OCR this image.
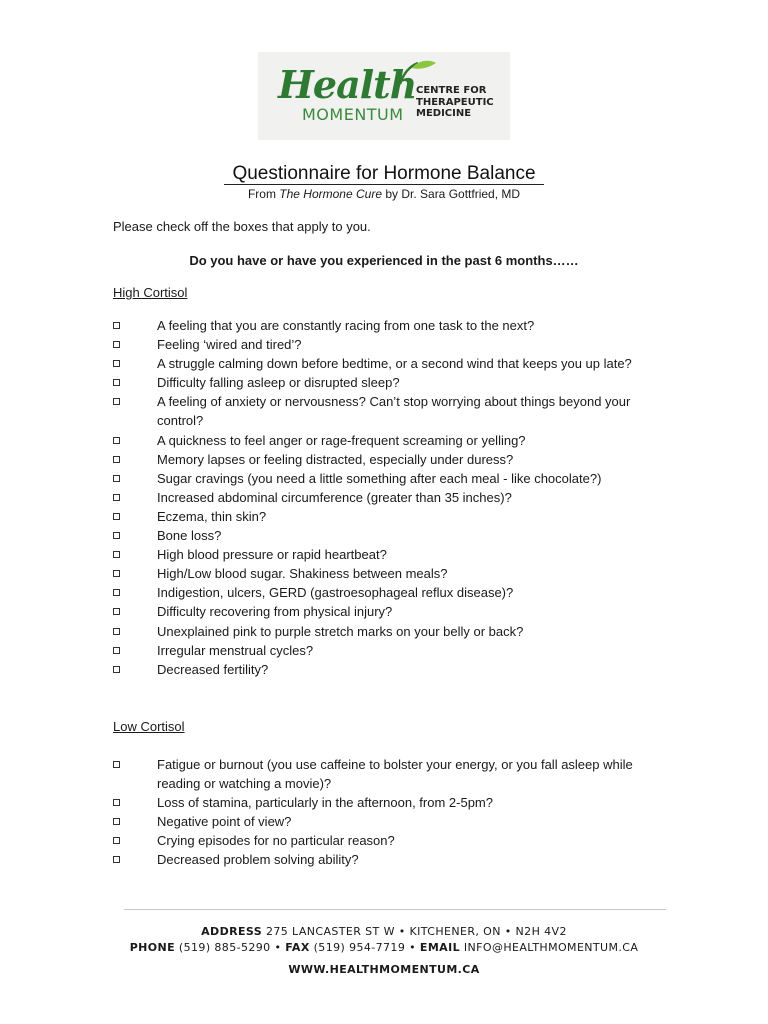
Health
MOMENTUM
CENTRE FOR
THERAPEUTIC
MEDICINE
Questionnaire for Hormone Balance
From The Hormone Cure by Dr. Sara Gottfried, MD
Please check off the boxes that apply to you.
Do you have or have you experienced in the past 6 months……
High Cortisol
A feeling that you are constantly racing from one task to the next?
Feeling ‘wired and tired’?
A struggle calming down before bedtime, or a second wind that keeps you up late?
Difficulty falling asleep or disrupted sleep?
A feeling of anxiety or nervousness? Can’t stop worrying about things beyond your control?
A quickness to feel anger or rage-frequent screaming or yelling?
Memory lapses or feeling distracted, especially under duress?
Sugar cravings (you need a little something after each meal - like chocolate?)
Increased abdominal circumference (greater than 35 inches)?
Eczema, thin skin?
Bone loss?
High blood pressure or rapid heartbeat?
High/Low blood sugar. Shakiness between meals?
Indigestion, ulcers, GERD (gastroesophageal reflux disease)?
Difficulty recovering from physical injury?
Unexplained pink to purple stretch marks on your belly or back?
Irregular menstrual cycles?
Decreased fertility?
Low Cortisol
Fatigue or burnout (you use caffeine to bolster your energy, or you fall asleep while reading or watching a movie)?
Loss of stamina, particularly in the afternoon, from 2-5pm?
Negative point of view?
Crying episodes for no particular reason?
Decreased problem solving ability?
ADDRESS 275 LANCASTER ST W • KITCHENER, ON • N2H 4V2
PHONE (519) 885-5290 • FAX (519) 954-7719 • EMAIL INFO@HEALTHMOMENTUM.CA
WWW.HEALTHMOMENTUM.CA
